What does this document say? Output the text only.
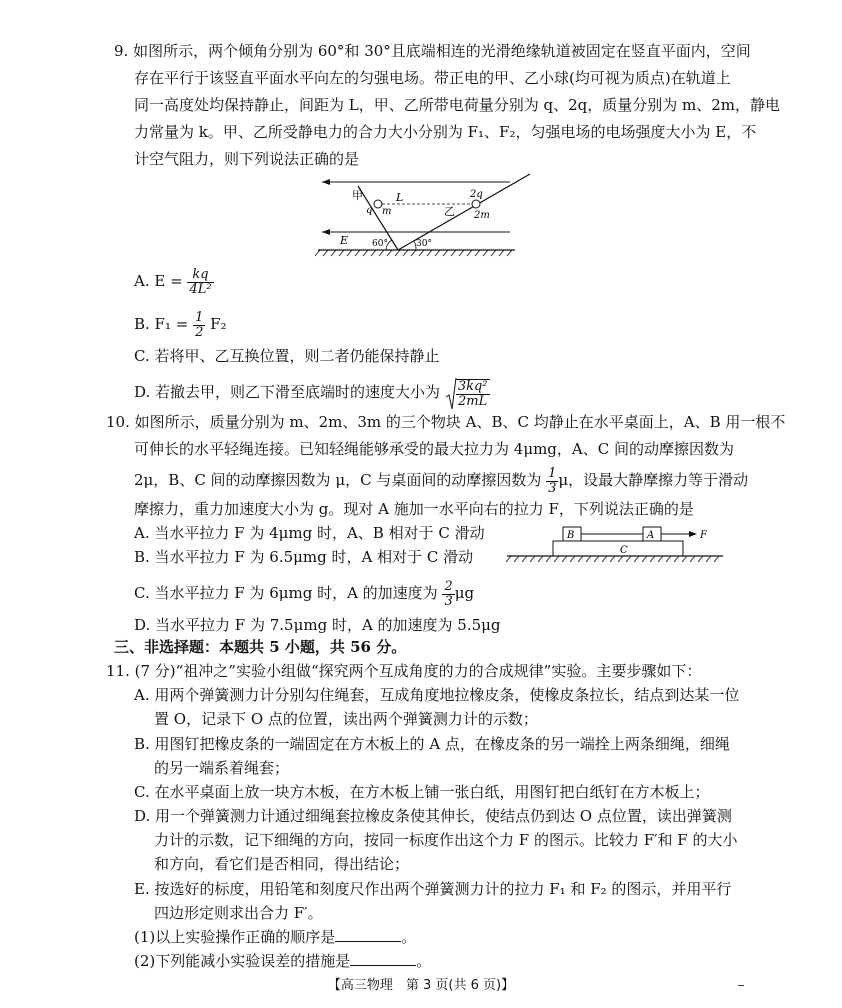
9. 如图所示，两个倾角分别为 60°和 30°且底端相连的光滑绝缘轨道被固定在竖直平面内，空间
存在平行于该竖直平面水平向左的匀强电场。带正电的甲、乙小球(均可视为质点)在轨道上
同一高度处均保持静止，间距为 L，甲、乙所带电荷量分别为 q、2q，质量分别为 m、2m，静电
力常量为 k。甲、乙所受静电力的合力大小分别为 F₁、F₂，匀强电场的电场强度大小为 E，不
计空气阻力，则下列说法正确的是
甲	L
q m
2q
乙 2m
E	60°	30°
A. $E = \frac{kq}{\text{4L²}}$
B. $F_1 = \frac{1}{2} F_2$
C. 若将甲、乙互换位置，则二者仍能保持静止
D. 若撤去甲，则乙下滑至底端时的速度大小为 $\frac{\text{3kq²}}{2mL}$
10. 如图所示，质量分别为 m、2m、3m 的三个物块 A、B、C 均静止在水平桌面上，A、B 用一根不
可伸长的水平轻绳连接。已知轻绳能够承受的最大拉力为 4μmg，A、C 间的动摩擦因数为
2μ，B、C 间的动摩擦因数为 μ，C 与桌面间的动摩擦因数为 $\frac{1}{3}$ μ，设最大静摩擦力等于滑动
摩擦力，重力加速度大小为 g。现对 A 施加一水平向右的拉力 F，下列说法正确的是
A. 当水平拉力 F 为 4μmg 时，A、B 相对于 C 滑动
B. 当水平拉力 F 为 6.5μmg 时，A 相对于 C 滑动
B	A
C
F
C. 当水平拉力 F 为 6μmg 时，A 的加速度为 $\frac{2}{3}$ μg
D. 当水平拉力 F 为 7.5μmg 时，A 的加速度为 5.5μg
三、非选择题：本题共 5 小题，共 56 分。
11. (7 分)“祖冲之”实验小组做“探究两个互成角度的力的合成规律”实验。主要步骤如下：
A. 用两个弹簧测力计分别勾住绳套，互成角度地拉橡皮条，使橡皮条拉长，结点到达某一位
置 O，记录下 O 点的位置，读出两个弹簧测力计的示数；
B. 用图钉把橡皮条的一端固定在方木板上的 A 点，在橡皮条的另一端拴上两条细绳，细绳
的另一端系着绳套；
C. 在水平桌面上放一块方木板，在方木板上铺一张白纸，用图钉把白纸钉在方木板上；
D. 用一个弹簧测力计通过细绳套拉橡皮条使其伸长，使结点仍到达 O 点位置，读出弹簧测
力计的示数，记下细绳的方向，按同一标度作出这个力 F 的图示。比较力 F′和 F 的大小
和方向，看它们是否相同，得出结论；
E. 按选好的标度，用铅笔和刻度尺作出两个弹簧测力计的拉力 F₁ 和 F₂ 的图示，并用平行
四边形定则求出合力 F′。
(1)以上实验操作正确的顺序是	。
(2)下列能减小实验误差的措施是	。
【高三物理　第 3 页(共 6 页)】
